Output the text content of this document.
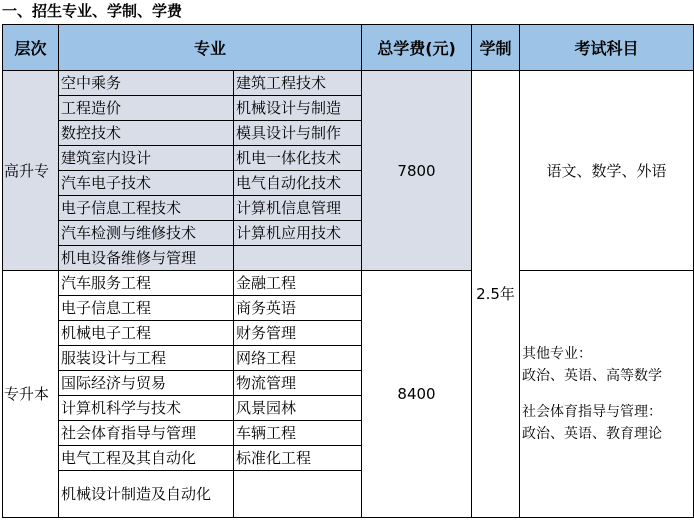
一、招生专业、学制、学费
层次	专业		总学费(元)	学制	考试科目
高升专	空中乘务	建筑工程技术	7800	2.5年	语文、数学、外语
	工程造价	机械设计与制造			
	数控技术	模具设计与制作			
	建筑室内设计	机电一体化技术			
	汽车电子技术	电气自动化技术			
	电子信息工程技术	计算机信息管理			
	汽车检测与维修技术	计算机应用技术			
	机电设备维修与管理				
专升本	汽车服务工程	金融工程	8400		其他专业：
政治、英语、高等数学
社会体育指导与管理：
政治、英语、教育理论

	电子信息工程	商务英语			
	机械电子工程	财务管理			
	服装设计与工程	网络工程			
	国际经济与贸易	物流管理			
	计算机科学与技术	风景园林			
	社会体育指导与管理	车辆工程			
	电气工程及其自动化	标准化工程			
	机械设计制造及自动化				
